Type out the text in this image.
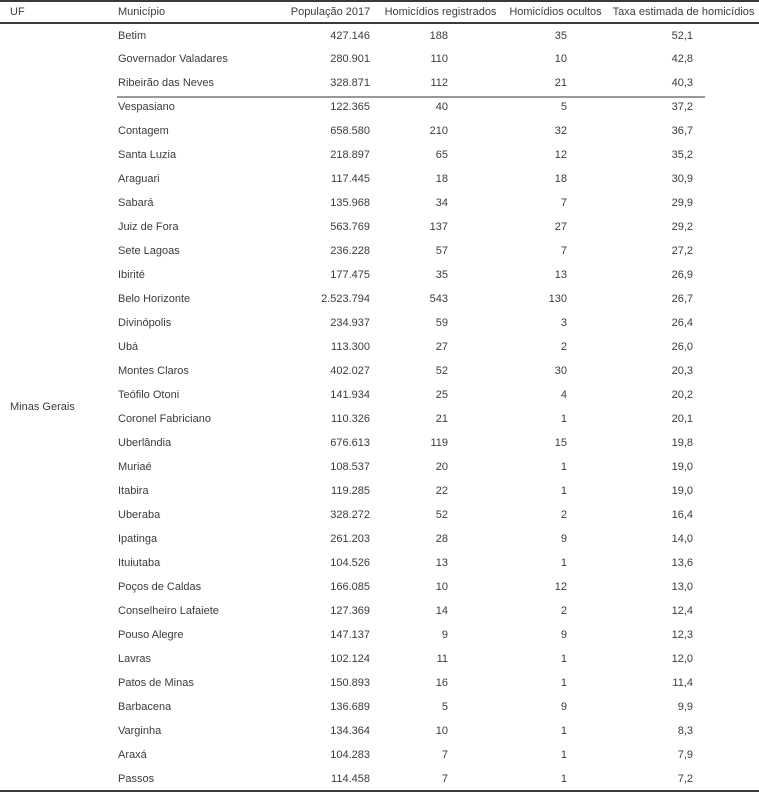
UF	Município	População 2017	Homicídios registrados	Homicídios ocultos	Taxa estimada de homicídios
Minas Gerais	Betim	427.146	188	35	52,1
	Governador Valadares	280.901	110	10	42,8
	Ribeirão das Neves	328.871	112	21	40,3
	Vespasiano	122.365	40	5	37,2
	Contagem	658.580	210	32	36,7
	Santa Luzia	218.897	65	12	35,2
	Araguari	117.445	18	18	30,9
	Sabará	135.968	34	7	29,9
	Juiz de Fora	563.769	137	27	29,2
	Sete Lagoas	236.228	57	7	27,2
	Ibirité	177.475	35	13	26,9
	Belo Horizonte	2.523.794	543	130	26,7
	Divinópolis	234.937	59	3	26,4
	Ubá	113.300	27	2	26,0
	Montes Claros	402.027	52	30	20,3
	Teófilo Otoni	141.934	25	4	20,2
	Coronel Fabriciano	110.326	21	1	20,1
	Uberlândia	676.613	119	15	19,8
	Muriaé	108.537	20	1	19,0
	Itabira	119.285	22	1	19,0
	Uberaba	328.272	52	2	16,4
	Ipatinga	261.203	28	9	14,0
	Ituiutaba	104.526	13	1	13,6
	Poços de Caldas	166.085	10	12	13,0
	Conselheiro Lafaiete	127.369	14	2	12,4
	Pouso Alegre	147.137	9	9	12,3
	Lavras	102.124	11	1	12,0
	Patos de Minas	150.893	16	1	11,4
	Barbacena	136.689	5	9	9,9
	Varginha	134.364	10	1	8,3
	Araxá	104.283	7	1	7,9
	Passos	114.458	7	1	7,2
